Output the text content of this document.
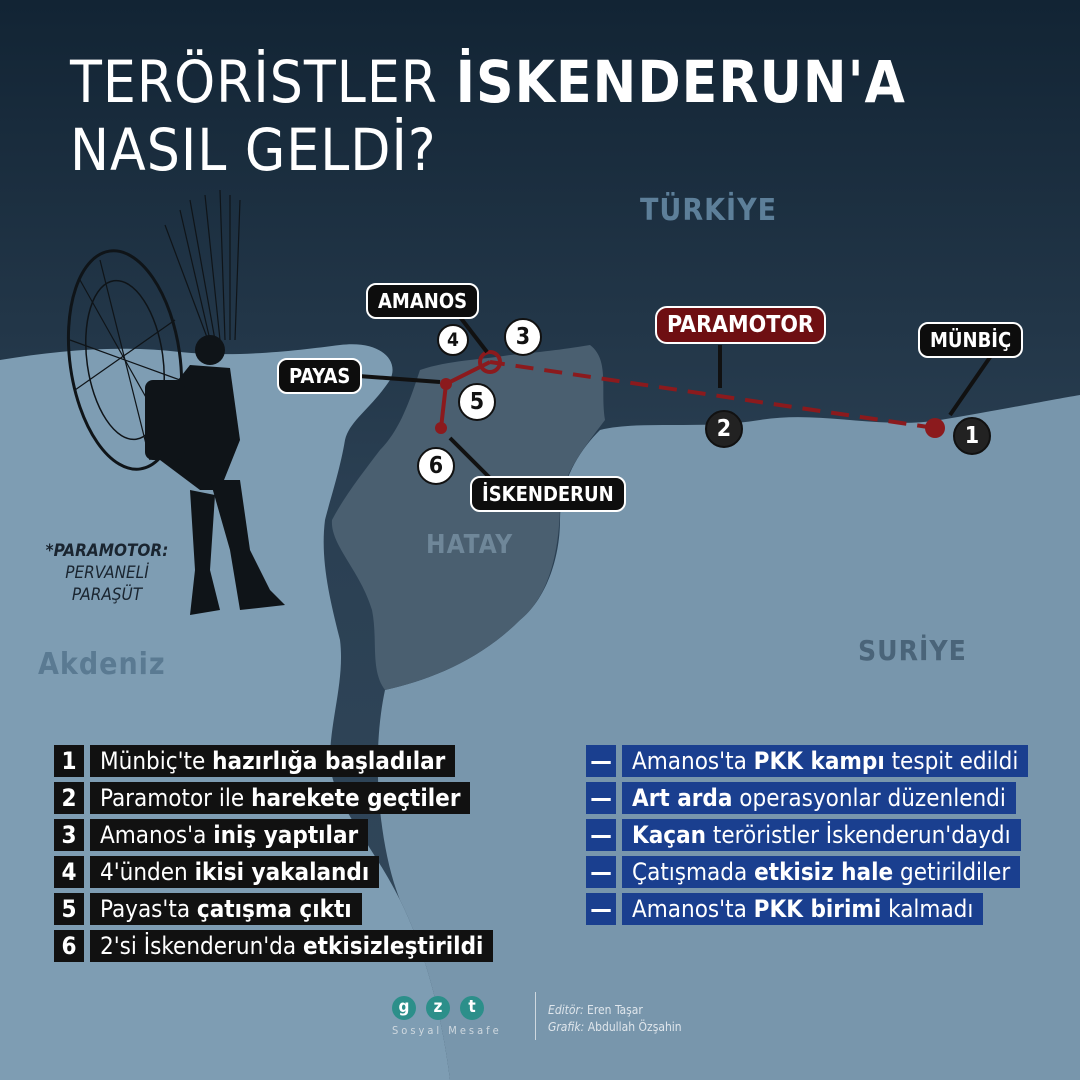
TERÖRİSTLER İSKENDERUN'A
NASIL GELDİ?
TÜRKİYE
HATAY
SURİYE
Akdeniz
*PARAMOTOR:
PERVANELİ PARAŞÜT
PARAMOTOR
AMANOS
PAYAS
İSKENDERUN
MÜNBİÇ
1
2
3
4
5
6
1 Münbiç'te hazırlığa başladılar
2 Paramotor ile harekete geçtiler
3 Amanos'a iniş yaptılar
4 4'ünden ikisi yakalandı
5 Payas'ta çatışma çıktı
6 2'si İskenderun'da etkisizleştirildi
— Amanos'ta PKK kampı tespit edildi
— Art arda operasyonlar düzenlendi
— Kaçan teröristler İskenderun'daydı
— Çatışmada etkisiz hale getirildiler
— Amanos'ta PKK birimi kalmadı
g z t
Sosyal Mesafe
Editör: Eren Taşar
Grafik: Abdullah Özşahin
